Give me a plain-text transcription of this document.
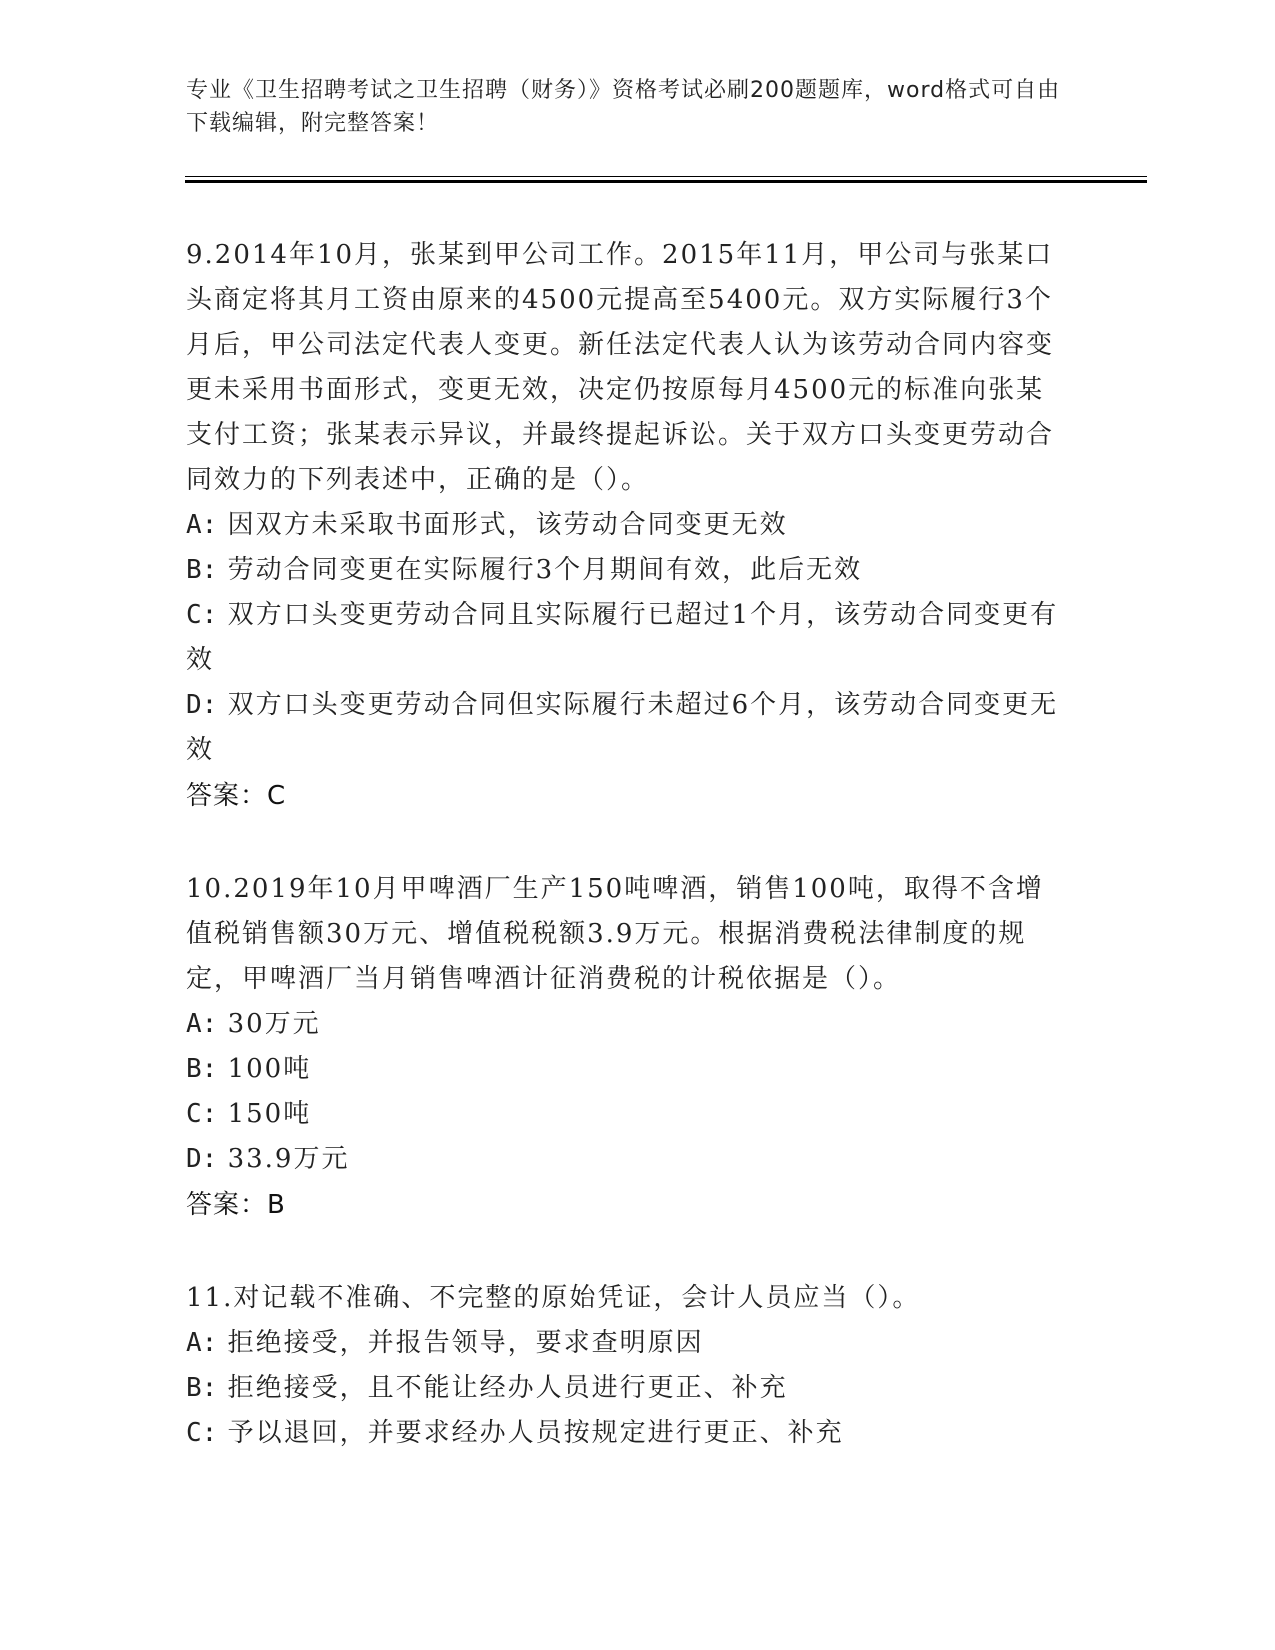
专业《卫生招聘考试之卫生招聘（财务）》资格考试必刷200题题库，word格式可自由下载编辑，附完整答案！
9.2014年10月，张某到甲公司工作。2015年11月，甲公司与张某口头商定将其月工资由原来的4500元提高至5400元。双方实际履行3个月后，甲公司法定代表人变更。新任法定代表人认为该劳动合同内容变更未采用书面形式，变更无效，决定仍按原每月4500元的标准向张某支付工资；张某表示异议，并最终提起诉讼。关于双方口头变更劳动合同效力的下列表述中，正确的是（）。
A: 因双方未采取书面形式，该劳动合同变更无效
B: 劳动合同变更在实际履行3个月期间有效，此后无效
C: 双方口头变更劳动合同且实际履行已超过1个月，该劳动合同变更有效
D: 双方口头变更劳动合同但实际履行未超过6个月，该劳动合同变更无效
答案：C
10.2019年10月甲啤酒厂生产150吨啤酒，销售100吨，取得不含增值税销售额30万元、增值税税额3.9万元。根据消费税法律制度的规定，甲啤酒厂当月销售啤酒计征消费税的计税依据是（）。
A: 30万元
B: 100吨
C: 150吨
D: 33.9万元
答案：B
11.对记载不准确、不完整的原始凭证，会计人员应当（）。
A: 拒绝接受，并报告领导，要求查明原因
B: 拒绝接受，且不能让经办人员进行更正、补充
C: 予以退回，并要求经办人员按规定进行更正、补充
